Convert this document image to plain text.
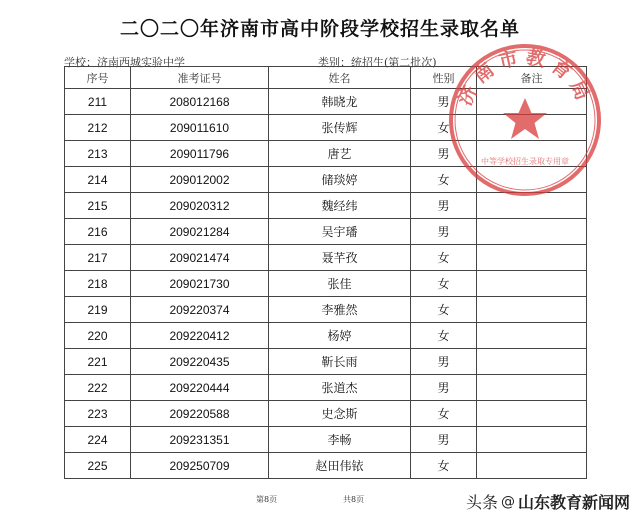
二〇二〇年济南市高中阶段学校招生录取名单
学校：济南西城实验中学	类别：统招生(第二批次)
序号	准考证号	姓名	性别	备注
211	208012168	韩晓龙	男	
212	209011610	张传辉	女	
213	209011796	唐艺	男	
214	209012002	储琰婷	女	
215	209020312	魏经纬	男	
216	209021284	吴宇璠	男	
217	209021474	聂芊孜	女	
218	209021730	张佳	女	
219	209220374	李雅然	女	
220	209220412	杨婷	女	
221	209220435	靳长雨	男	
222	209220444	张道杰	男	
223	209220588	史念斯	女	
224	209231351	李畅	男	
225	209250709	赵田伟铱	女	
济南市教育局
中等学校招生录取专用章
第8页	共8页	头条 @ 山东教育新闻网
